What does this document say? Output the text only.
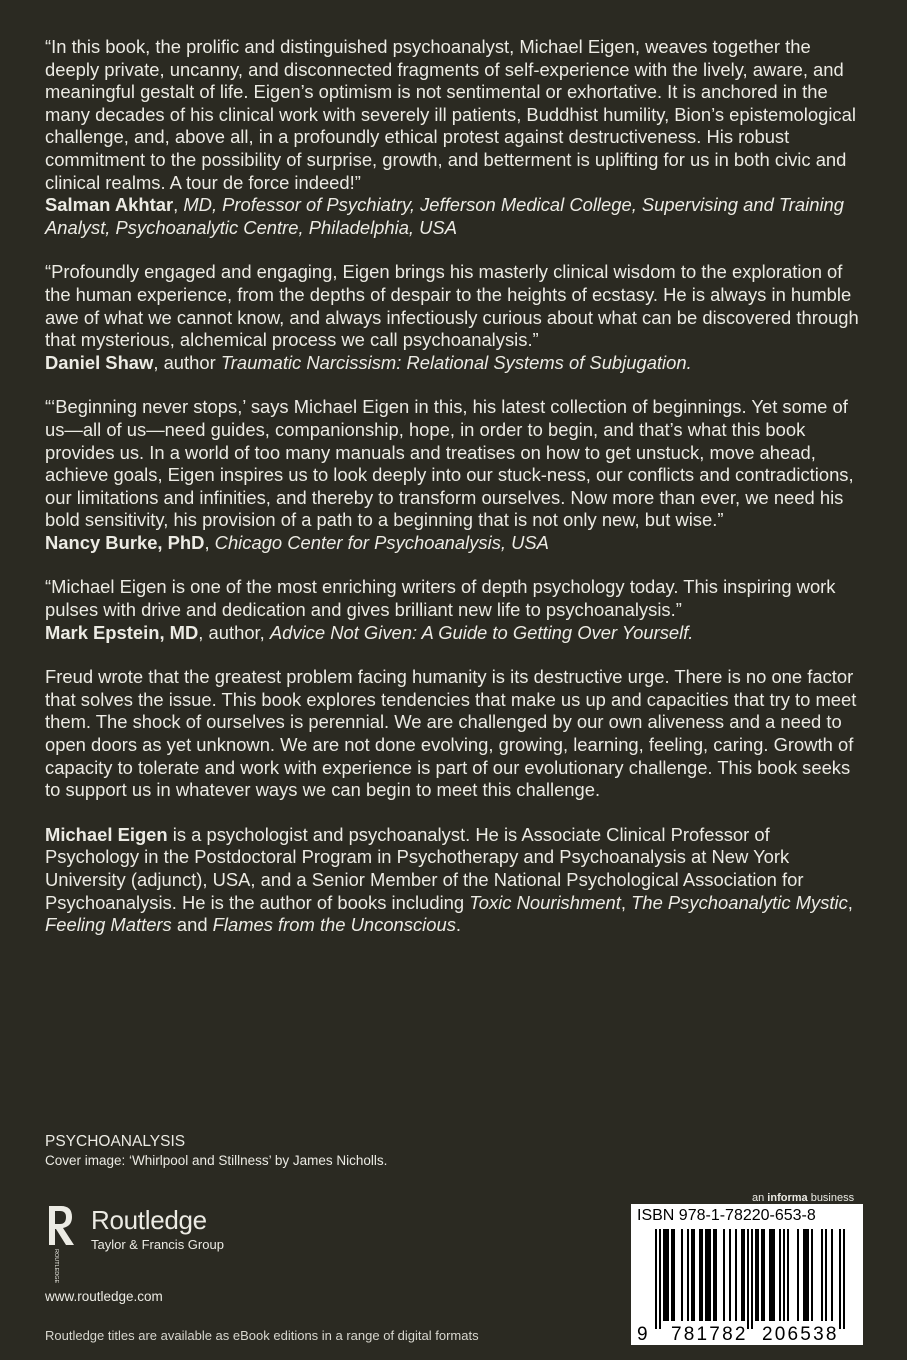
“In this book, the prolific and distinguished psychoanalyst, Michael Eigen, weaves together the deeply private, uncanny, and disconnected fragments of self-experience with the lively, aware, and meaningful gestalt of life. Eigen’s optimism is not sentimental or exhortative. It is anchored in the many decades of his clinical work with severely ill patients, Buddhist humility, Bion’s epistemological challenge, and, above all, in a profoundly ethical protest against destructiveness. His robust commitment to the possibility of surprise, growth, and betterment is uplifting for us in both civic and clinical realms. A tour de force indeed!”

Salman Akhtar, MD, Professor of Psychiatry, Jefferson Medical College, Supervising and Training Analyst, Psychoanalytic Centre, Philadelphia, USA

“Profoundly engaged and engaging, Eigen brings his masterly clinical wisdom to the exploration of the human experience, from the depths of despair to the heights of ecstasy. He is always in humble awe of what we cannot know, and always infectiously curious about what can be discovered through that mysterious, alchemical process we call psychoanalysis.”

Daniel Shaw, author Traumatic Narcissism: Relational Systems of Subjugation.

“‘Beginning never stops,’ says Michael Eigen in this, his latest collection of beginnings. Yet some of us—all of us—need guides, companionship, hope, in order to begin, and that’s what this book provides us. In a world of too many manuals and treatises on how to get unstuck, move ahead, achieve goals, Eigen inspires us to look deeply into our stuck-ness, our conflicts and contradictions, our limitations and infinities, and thereby to transform ourselves. Now more than ever, we need his bold sensitivity, his provision of a path to a beginning that is not only new, but wise.”

Nancy Burke, PhD, Chicago Center for Psychoanalysis, USA

“Michael Eigen is one of the most enriching writers of depth psychology today. This inspiring work pulses with drive and dedication and gives brilliant new life to psychoanalysis.”

Mark Epstein, MD, author, Advice Not Given: A Guide to Getting Over Yourself.

Freud wrote that the greatest problem facing humanity is its destructive urge. There is no one factor that solves the issue. This book explores tendencies that make us up and capacities that try to meet them. The shock of ourselves is perennial. We are challenged by our own aliveness and a need to open doors as yet unknown. We are not done evolving, growing, learning, feeling, caring. Growth of capacity to tolerate and work with experience is part of our evolutionary challenge. This book seeks to support us in whatever ways we can begin to meet this challenge.

Michael Eigen is a psychologist and psychoanalyst. He is Associate Clinical Professor of Psychology in the Postdoctoral Program in Psychotherapy and Psychoanalysis at New York University (adjunct), USA, and a Senior Member of the National Psychological Association for Psychoanalysis. He is the author of books including Toxic Nourishment, The Psychoanalytic Mystic, Feeling Matters and Flames from the Unconscious.

PSYCHOANALYSIS
Cover image: ‘Whirlpool and Stillness’ by James Nicholls.
ROUTLEDGE
Routledge
Taylor & Francis Group
www.routledge.com
Routledge titles are available as eBook editions in a range of digital formats
an informa business
ISBN 978-1-78220-653-8
9 781782 206538
